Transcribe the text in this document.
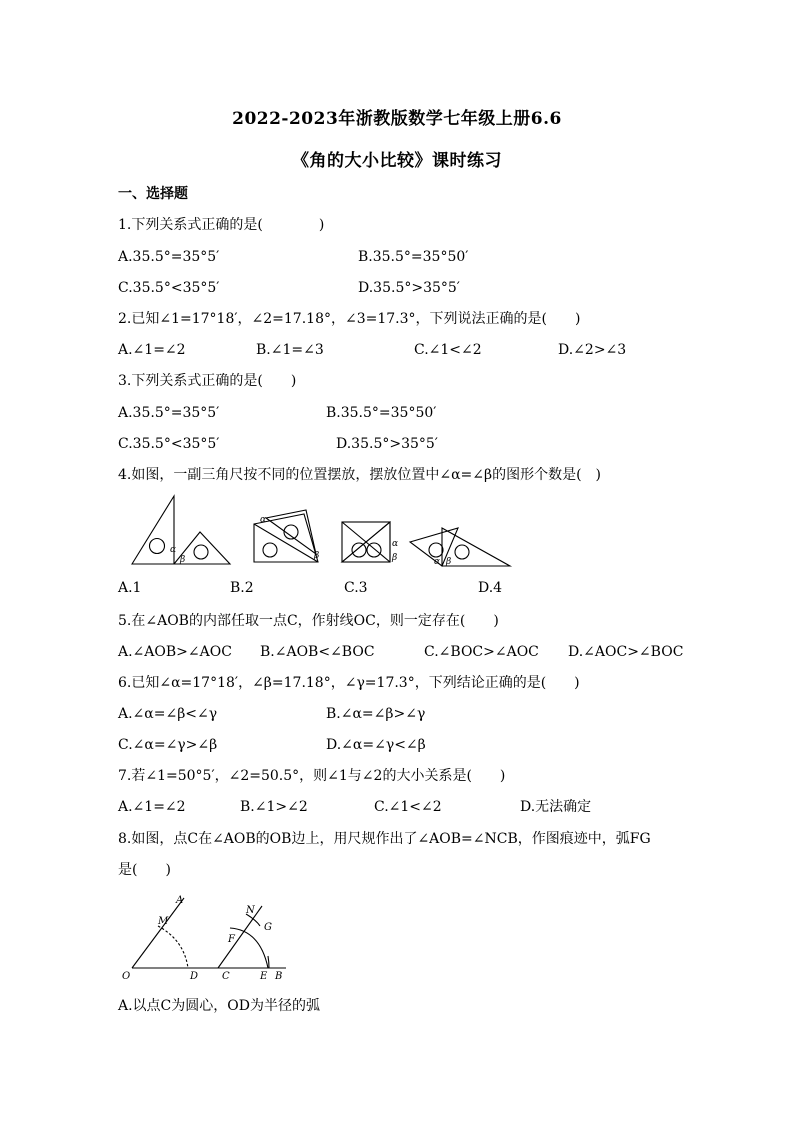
2022-2023年浙教版数学七年级上册6.6
《角的大小比较》课时练习
一、选择题
1.下列关系式正确的是(　　　　)
A.35.5°=35°5′	B.35.5°=35°50′
C.35.5°<35°5′	D.35.5°>35°5′
2.已知∠1=17°18′，∠2=17.18°，∠3=17.3°，下列说法正确的是(　　)
A.∠1=∠2	B.∠1=∠3	C.∠1<∠2	D.∠2>∠3
3.下列关系式正确的是(　　)
A.35.5°=35°5′	B.35.5°=35°50′
C.35.5°<35°5′	D.35.5°>35°5′
4.如图，一副三角尺按不同的位置摆放，摆放位置中∠α=∠β的图形个数是(　)
α
β
α
β
α
β	α β
A.1	B.2	C.3	D.4
5.在∠AOB的内部任取一点C，作射线OC，则一定存在(　　)
A.∠AOB>∠AOC B.∠AOB<∠BOC	C.∠BOC>∠AOC D.∠AOC>∠BOC
6.已知∠α=17°18′，∠β=17.18°，∠γ=17.3°，下列结论正确的是(　　)
A.∠α=∠β<∠γ	B.∠α=∠β>∠γ
C.∠α=∠γ>∠β	D.∠α=∠γ<∠β
7.若∠1=50°5′，∠2=50.5°，则∠1与∠2的大小关系是(　　)
A.∠1=∠2	B.∠1>∠2	C.∠1<∠2	D.无法确定
8.如图，点C在∠AOB的OB边上，用尺规作出了∠AOB=∠NCB，作图痕迹中，弧FG
是(　　)
A
M
O	D
N
G
F
C	E B
A.以点C为圆心，OD为半径的弧
